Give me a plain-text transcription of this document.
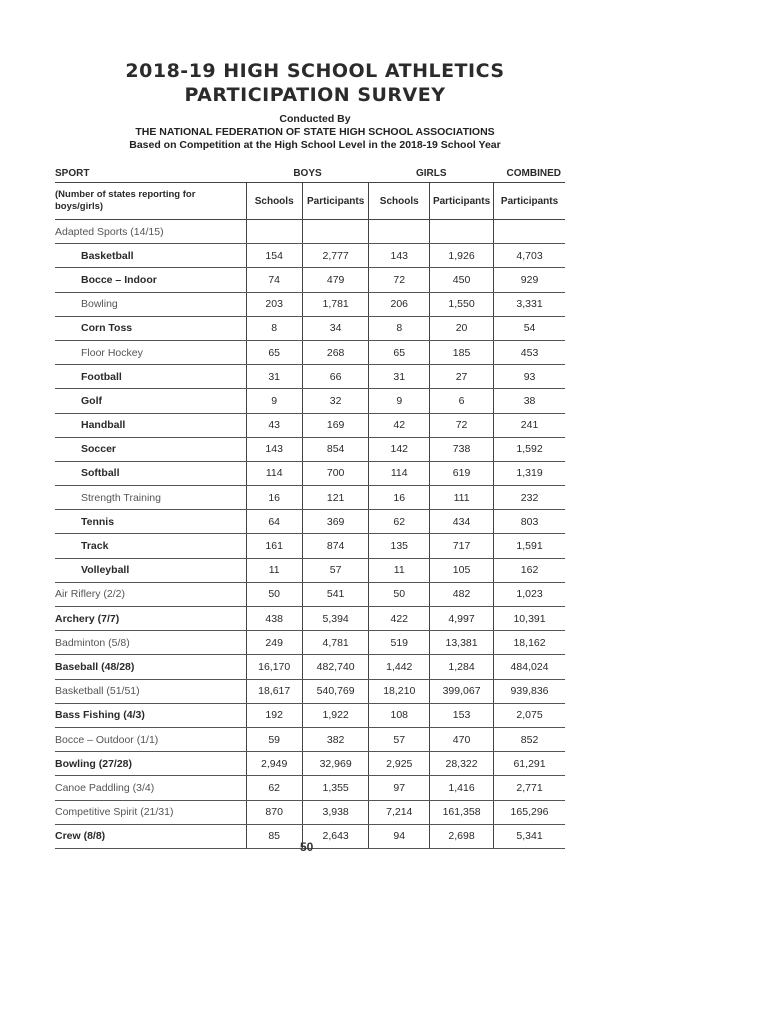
2018-19 HIGH SCHOOL ATHLETICS
PARTICIPATION SURVEY
Conducted By
THE NATIONAL FEDERATION OF STATE HIGH SCHOOL ASSOCIATIONS
Based on Competition at the High School Level in the 2018-19 School Year
SPORT	BOYS		GIRLS		COMBINED
(Number of states reporting for boys/girls)	Schools	Participants	Schools	Participants	Participants
Adapted Sports (14/15)					
Basketball	154	2,777	143	1,926	4,703
Bocce – Indoor	74	479	72	450	929
Bowling	203	1,781	206	1,550	3,331
Corn Toss	8	34	8	20	54
Floor Hockey	65	268	65	185	453
Football	31	66	31	27	93
Golf	9	32	9	6	38
Handball	43	169	42	72	241
Soccer	143	854	142	738	1,592
Softball	114	700	114	619	1,319
Strength Training	16	121	16	111	232
Tennis	64	369	62	434	803
Track	161	874	135	717	1,591
Volleyball	11	57	11	105	162
Air Riflery (2/2)	50	541	50	482	1,023
Archery (7/7)	438	5,394	422	4,997	10,391
Badminton (5/8)	249	4,781	519	13,381	18,162
Baseball (48/28)	16,170	482,740	1,442	1,284	484,024
Basketball (51/51)	18,617	540,769	18,210	399,067	939,836
Bass Fishing (4/3)	192	1,922	108	153	2,075
Bocce – Outdoor (1/1)	59	382	57	470	852
Bowling (27/28)	2,949	32,969	2,925	28,322	61,291
Canoe Paddling (3/4)	62	1,355	97	1,416	2,771
Competitive Spirit (21/31)	870	3,938	7,214	161,358	165,296
Crew (8/8)	85	2,643	94	2,698	5,341
50
